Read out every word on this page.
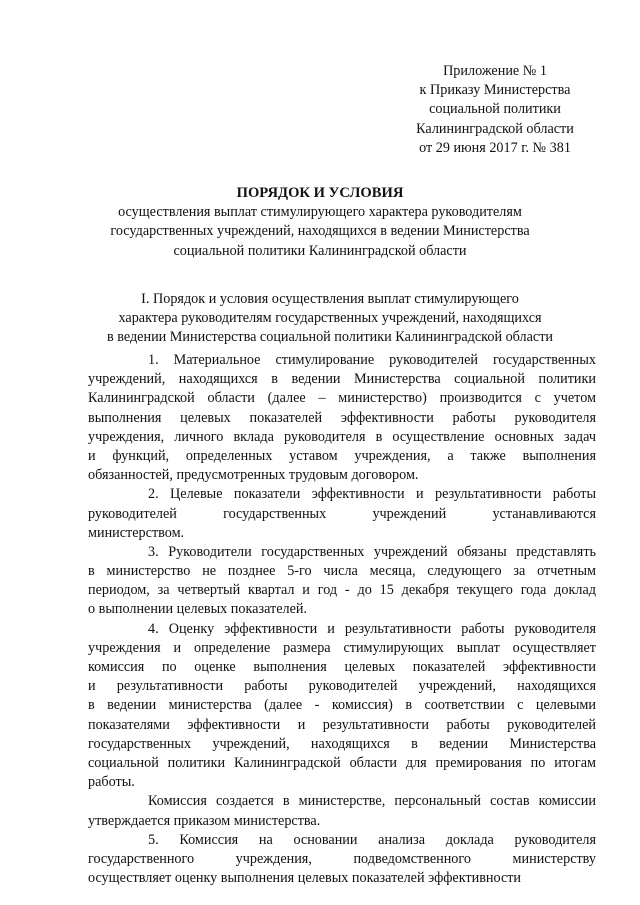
Приложение № 1
к Приказу Министерства
социальной политики
Калининградской области
от 29 июня 2017 г. № 381
ПОРЯДОК И УСЛОВИЯ
осуществления выплат стимулирующего характера руководителям
государственных учреждений, находящихся в ведении Министерства
социальной политики Калининградской области
I. Порядок и условия осуществления выплат стимулирующего
характера руководителям государственных учреждений, находящихся
в ведении Министерства социальной политики Калининградской области
1. Материальное стимулирование руководителей государственных
учреждений, находящихся в ведении Министерства социальной политики
Калининградской области (далее – министерство) производится с учетом
выполнения целевых показателей эффективности работы руководителя
учреждения, личного вклада руководителя в осуществление основных задач
и функций, определенных уставом учреждения, а также выполнения
обязанностей, предусмотренных трудовым договором.
2. Целевые показатели эффективности и результативности работы
руководителей государственных учреждений устанавливаются
министерством.
3. Руководители государственных учреждений обязаны представлять
в министерство не позднее 5-го числа месяца, следующего за отчетным
периодом, за четвертый квартал и год - до 15 декабря текущего года доклад
о выполнении целевых показателей.
4. Оценку эффективности и результативности работы руководителя
учреждения и определение размера стимулирующих выплат осуществляет
комиссия по оценке выполнения целевых показателей эффективности
и результативности работы руководителей учреждений, находящихся
в ведении министерства (далее - комиссия) в соответствии с целевыми
показателями эффективности и результативности работы руководителей
государственных учреждений, находящихся в ведении Министерства
социальной политики Калининградской области для премирования по итогам
работы.
Комиссия создается в министерстве, персональный состав комиссии
утверждается приказом министерства.
5. Комиссия на основании анализа доклада руководителя
государственного учреждения, подведомственного министерству
осуществляет оценку выполнения целевых показателей эффективности
